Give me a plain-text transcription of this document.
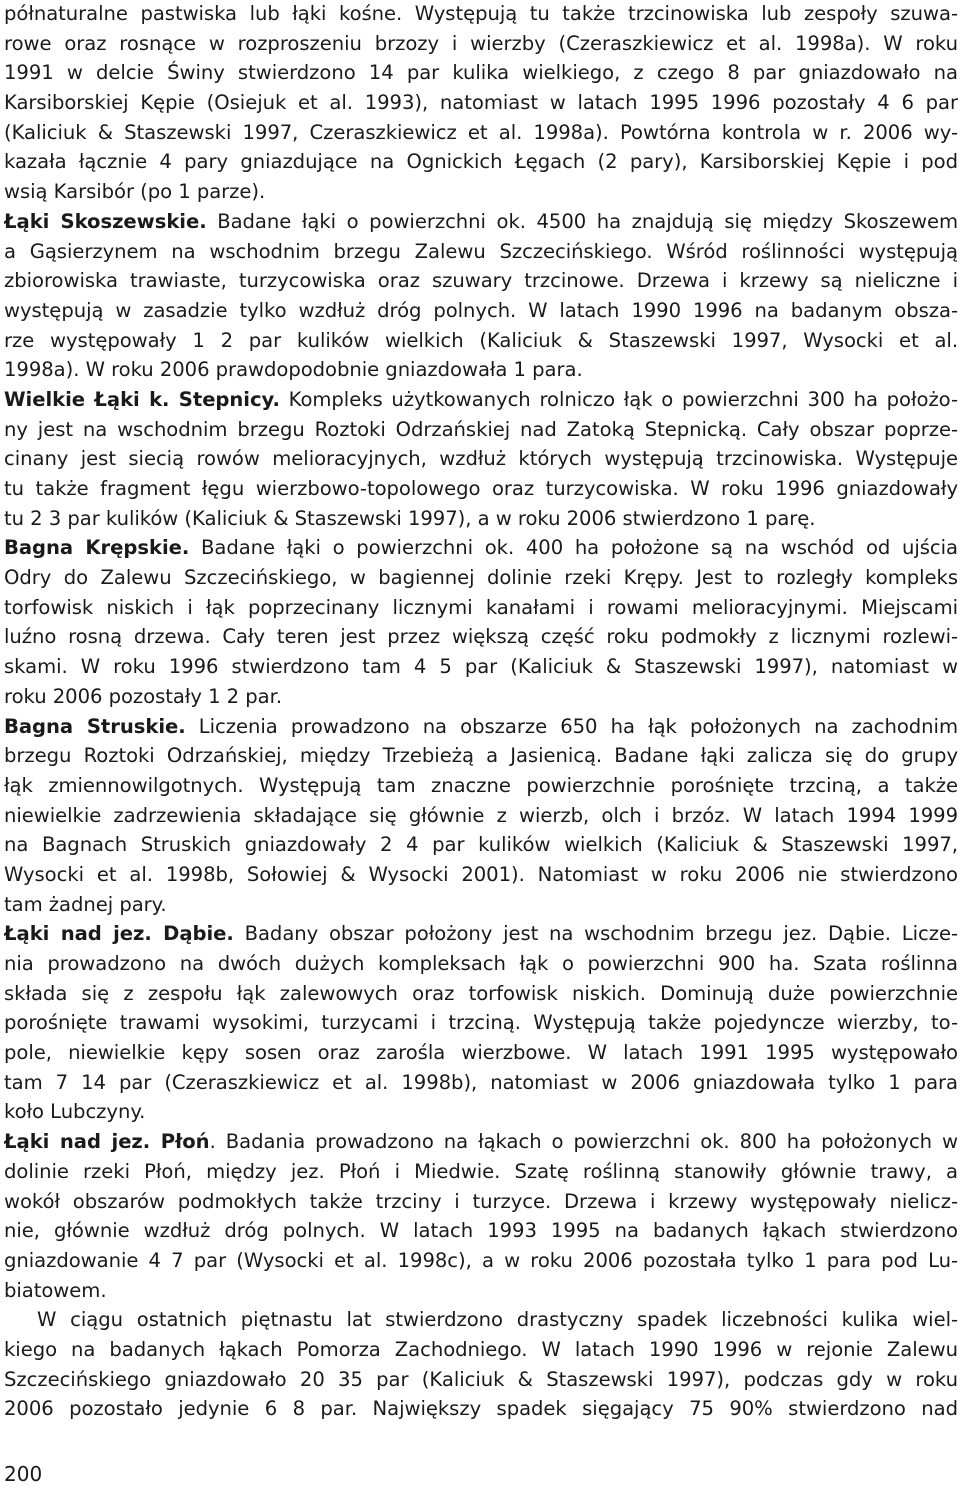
półnaturalne pastwiska lub łąki kośne. Występują tu także trzcinowiska lub zespoły szuwa-
rowe oraz rosnące w rozproszeniu brzozy i wierzby (Czeraszkiewicz et al. 1998a). W roku
1991 w delcie Świny stwierdzono 14 par kulika wielkiego, z czego 8 par gniazdowało na
Karsiborskiej Kępie (Osiejuk et al. 1993), natomiast w latach 1995 1996 pozostały 4 6 par
(Kaliciuk & Staszewski 1997, Czeraszkiewicz et al. 1998a). Powtórna kontrola w r. 2006 wy-
kazała łącznie 4 pary gniazdujące na Ognickich Łęgach (2 pary), Karsiborskiej Kępie i pod
wsią Karsibór (po 1 parze).
Łąki Skoszewskie. Badane łąki o powierzchni ok. 4500 ha znajdują się między Skoszewem
a Gąsierzynem na wschodnim brzegu Zalewu Szczecińskiego. Wśród roślinności występują
zbiorowiska trawiaste, turzycowiska oraz szuwary trzcinowe. Drzewa i krzewy są nieliczne i
występują w zasadzie tylko wzdłuż dróg polnych. W latach 1990 1996 na badanym obsza-
rze występowały 1 2 par kulików wielkich (Kaliciuk & Staszewski 1997, Wysocki et al.
1998a). W roku 2006 prawdopodobnie gniazdowała 1 para.
Wielkie Łąki k. Stepnicy. Kompleks użytkowanych rolniczo łąk o powierzchni 300 ha położo-
ny jest na wschodnim brzegu Roztoki Odrzańskiej nad Zatoką Stepnicką. Cały obszar poprze-
cinany jest siecią rowów melioracyjnych, wzdłuż których występują trzcinowiska. Występuje
tu także fragment łęgu wierzbowo-topolowego oraz turzycowiska. W roku 1996 gniazdowały
tu 2 3 par kulików (Kaliciuk & Staszewski 1997), a w roku 2006 stwierdzono 1 parę.
Bagna Krępskie. Badane łąki o powierzchni ok. 400 ha położone są na wschód od ujścia
Odry do Zalewu Szczecińskiego, w bagiennej dolinie rzeki Krępy. Jest to rozległy kompleks
torfowisk niskich i łąk poprzecinany licznymi kanałami i rowami melioracyjnymi. Miejscami
luźno rosną drzewa. Cały teren jest przez większą część roku podmokły z licznymi rozlewi-
skami. W roku 1996 stwierdzono tam 4 5 par (Kaliciuk & Staszewski 1997), natomiast w
roku 2006 pozostały 1 2 par.
Bagna Struskie. Liczenia prowadzono na obszarze 650 ha łąk położonych na zachodnim
brzegu Roztoki Odrzańskiej, między Trzebieżą a Jasienicą. Badane łąki zalicza się do grupy
łąk zmiennowilgotnych. Występują tam znaczne powierzchnie porośnięte trzciną, a także
niewielkie zadrzewienia składające się głównie z wierzb, olch i brzóz. W latach 1994 1999
na Bagnach Struskich gniazdowały 2 4 par kulików wielkich (Kaliciuk & Staszewski 1997,
Wysocki et al. 1998b, Sołowiej & Wysocki 2001). Natomiast w roku 2006 nie stwierdzono
tam żadnej pary.
Łąki nad jez. Dąbie. Badany obszar położony jest na wschodnim brzegu jez. Dąbie. Licze-
nia prowadzono na dwóch dużych kompleksach łąk o powierzchni 900 ha. Szata roślinna
składa się z zespołu łąk zalewowych oraz torfowisk niskich. Dominują duże powierzchnie
porośnięte trawami wysokimi, turzycami i trzciną. Występują także pojedyncze wierzby, to-
pole, niewielkie kępy sosen oraz zarośla wierzbowe. W latach 1991 1995 występowało
tam 7 14 par (Czeraszkiewicz et al. 1998b), natomiast w 2006 gniazdowała tylko 1 para
koło Lubczyny.
Łąki nad jez. Płoń. Badania prowadzono na łąkach o powierzchni ok. 800 ha położonych w
dolinie rzeki Płoń, między jez. Płoń i Miedwie. Szatę roślinną stanowiły głównie trawy, a
wokół obszarów podmokłych także trzciny i turzyce. Drzewa i krzewy występowały nielicz-
nie, głównie wzdłuż dróg polnych. W latach 1993 1995 na badanych łąkach stwierdzono
gniazdowanie 4 7 par (Wysocki et al. 1998c), a w roku 2006 pozostała tylko 1 para pod Lu-
biatowem.
W ciągu ostatnich piętnastu lat stwierdzono drastyczny spadek liczebności kulika wiel-
kiego na badanych łąkach Pomorza Zachodniego. W latach 1990 1996 w rejonie Zalewu
Szczecińskiego gniazdowało 20 35 par (Kaliciuk & Staszewski 1997), podczas gdy w roku
2006 pozostało jedynie 6 8 par. Największy spadek sięgający 75 90% stwierdzono nad
200
